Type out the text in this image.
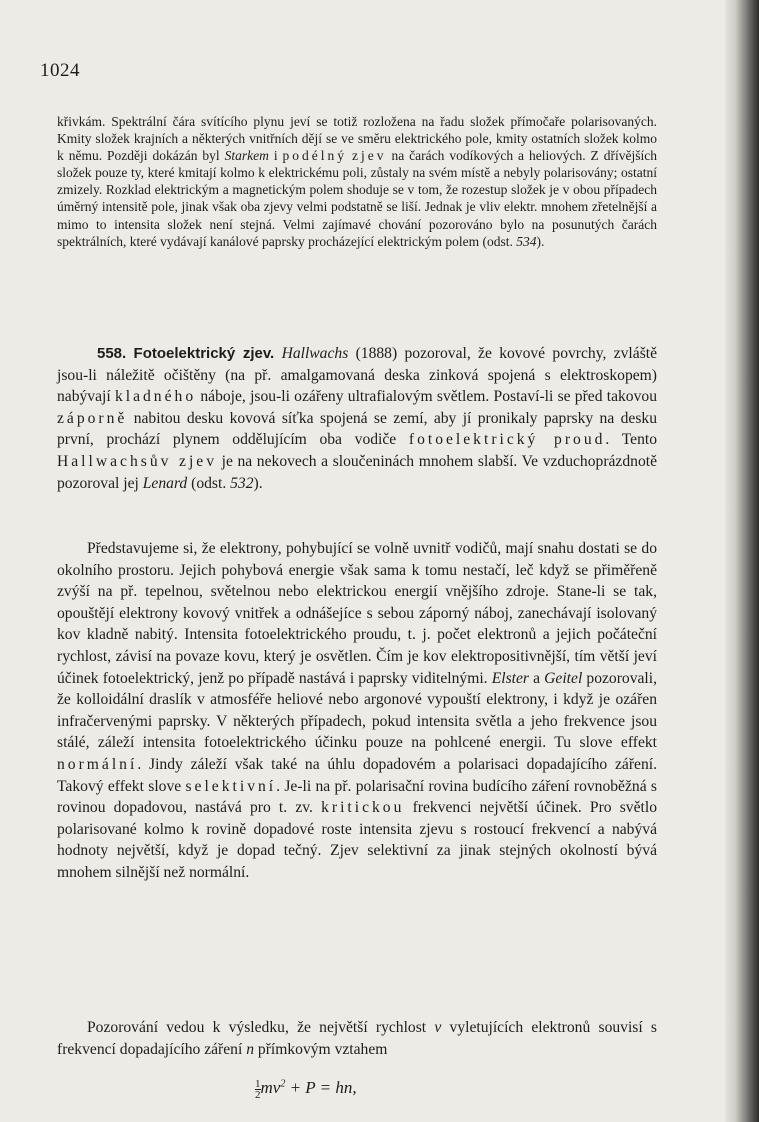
1024

křivkám. Spektrální čára svítícího plynu jeví se totiž rozložena na řadu složek přímočaře polarisovaných. Kmity složek krajních a některých vnitřních dějí se ve směru elektrického pole, kmity ostatních složek kolmo k němu. Později dokázán byl Starkem i podélný zjev na čarách vodíkových a heliových. Z dřívějších složek pouze ty, které kmitají kolmo k elektrickému poli, zůstaly na svém místě a nebyly polarisovány; ostatní zmizely. Rozklad elektrickým a magnetickým polem shoduje se v tom, že rozestup složek je v obou případech úměrný intensitě pole, jinak však oba zjevy velmi podstatně se liší. Jednak je vliv elektr. mnohem zřetelnější a mimo to intensita složek není stejná. Velmi zajímavé chování pozorováno bylo na posunutých čarách spektrálních, které vydávají kanálové paprsky procházející elektrickým polem (odst. 534).

558. Fotoelektrický zjev. Hallwachs (1888) pozoroval, že kovové povrchy, zvláště jsou-li náležitě očištěny (na př. amalgamovaná deska zinková spojená s elektroskopem) nabývají kladného náboje, jsou-li ozářeny ultrafialovým světlem. Postaví-li se před takovou záporně nabitou desku kovová síťka spojená se zemí, aby jí pronikaly paprsky na desku první, prochází plynem oddělujícím oba vodiče fotoelektrický proud. Tento Hallwachsův zjev je na nekovech a sloučeninách mnohem slabší. Ve vzduchoprázdnotě pozoroval jej Lenard (odst. 532).

Představujeme si, že elektrony, pohybující se volně uvnitř vodičů, mají snahu dostati se do okolního prostoru. Jejich pohybová energie však sama k tomu nestačí, leč když se přiměřeně zvýší na př. tepelnou, světelnou nebo elektrickou energií vnějšího zdroje. Stane-li se tak, opouštějí elektrony kovový vnitřek a odnášejíce s sebou záporný náboj, zanechávají isolovaný kov kladně nabitý. Intensita fotoelektrického proudu, t. j. počet elektronů a jejich počáteční rychlost, závisí na povaze kovu, který je osvětlen. Čím je kov elektropositivnější, tím větší jeví účinek fotoelektrický, jenž po případě nastává i paprsky viditelnými. Elster a Geitel pozorovali, že kolloidální draslík v atmosféře heliové nebo argonové vypouští elektrony, i když je ozářen infračervenými paprsky. V některých případech, pokud intensita světla a jeho frekvence jsou stálé, záleží intensita fotoelektrického účinku pouze na pohlcené energii. Tu slove effekt normální. Jindy záleží však také na úhlu dopadovém a polarisaci dopadajícího záření. Takový effekt slove selektivní. Je-li na př. polarisační rovina budícího záření rovnoběžná s rovinou dopadovou, nastává pro t. zv. kritickou frekvenci největší účinek. Pro světlo polarisované kolmo k rovině dopadové roste intensita zjevu s rostoucí frekvencí a nabývá hodnoty největší, když je dopad tečný. Zjev selektivní za jinak stejných okolností bývá mnohem silnější než normální.

Pozorování vedou k výsledku, že největší rychlost v vyletujících elektronů souvisí s frekvencí dopadajícího záření n přímkovým vztahem

$\frac{1}{2} mv^2 + P$ = hn,
